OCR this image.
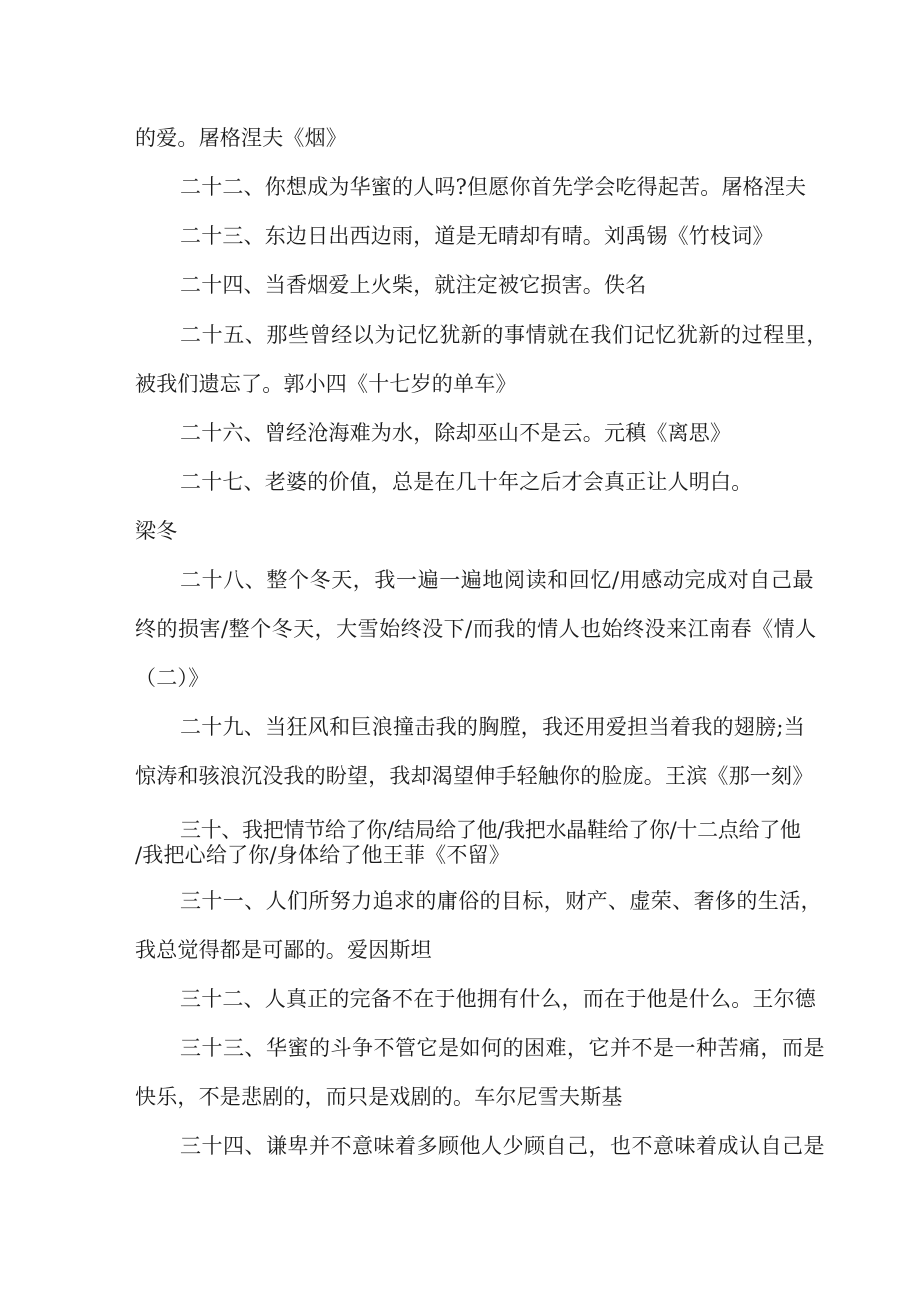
的爱。屠格涅夫《烟》
二十二、你想成为华蜜的人吗?但愿你首先学会吃得起苦。屠格涅夫
二十三、东边日出西边雨，道是无晴却有晴。刘禹锡《竹枝词》
二十四、当香烟爱上火柴，就注定被它损害。佚名
二十五、那些曾经以为记忆犹新的事情就在我们记忆犹新的过程里，
被我们遗忘了。郭小四《十七岁的单车》
二十六、曾经沧海难为水，除却巫山不是云。元稹《离思》
二十七、老婆的价值，总是在几十年之后才会真正让人明白。
梁冬
二十八、整个冬天，我一遍一遍地阅读和回忆/用感动完成对自己最
终的损害/整个冬天，大雪始终没下/而我的情人也始终没来江南春《情人
（二）》
二十九、当狂风和巨浪撞击我的胸膛，我还用爱担当着我的翅膀;当
惊涛和骇浪沉没我的盼望，我却渴望伸手轻触你的脸庞。王滨《那一刻》
三十、我把情节给了你/结局给了他/我把水晶鞋给了你/十二点给了他
/我把心给了你/身体给了他王菲《不留》
三十一、人们所努力追求的庸俗的目标，财产、虚荣、奢侈的生活，
我总觉得都是可鄙的。爱因斯坦
三十二、人真正的完备不在于他拥有什么，而在于他是什么。王尔德
三十三、华蜜的斗争不管它是如何的困难，它并不是一种苦痛，而是
快乐，不是悲剧的，而只是戏剧的。车尔尼雪夫斯基
三十四、谦卑并不意味着多顾他人少顾自己，也不意味着成认自己是
